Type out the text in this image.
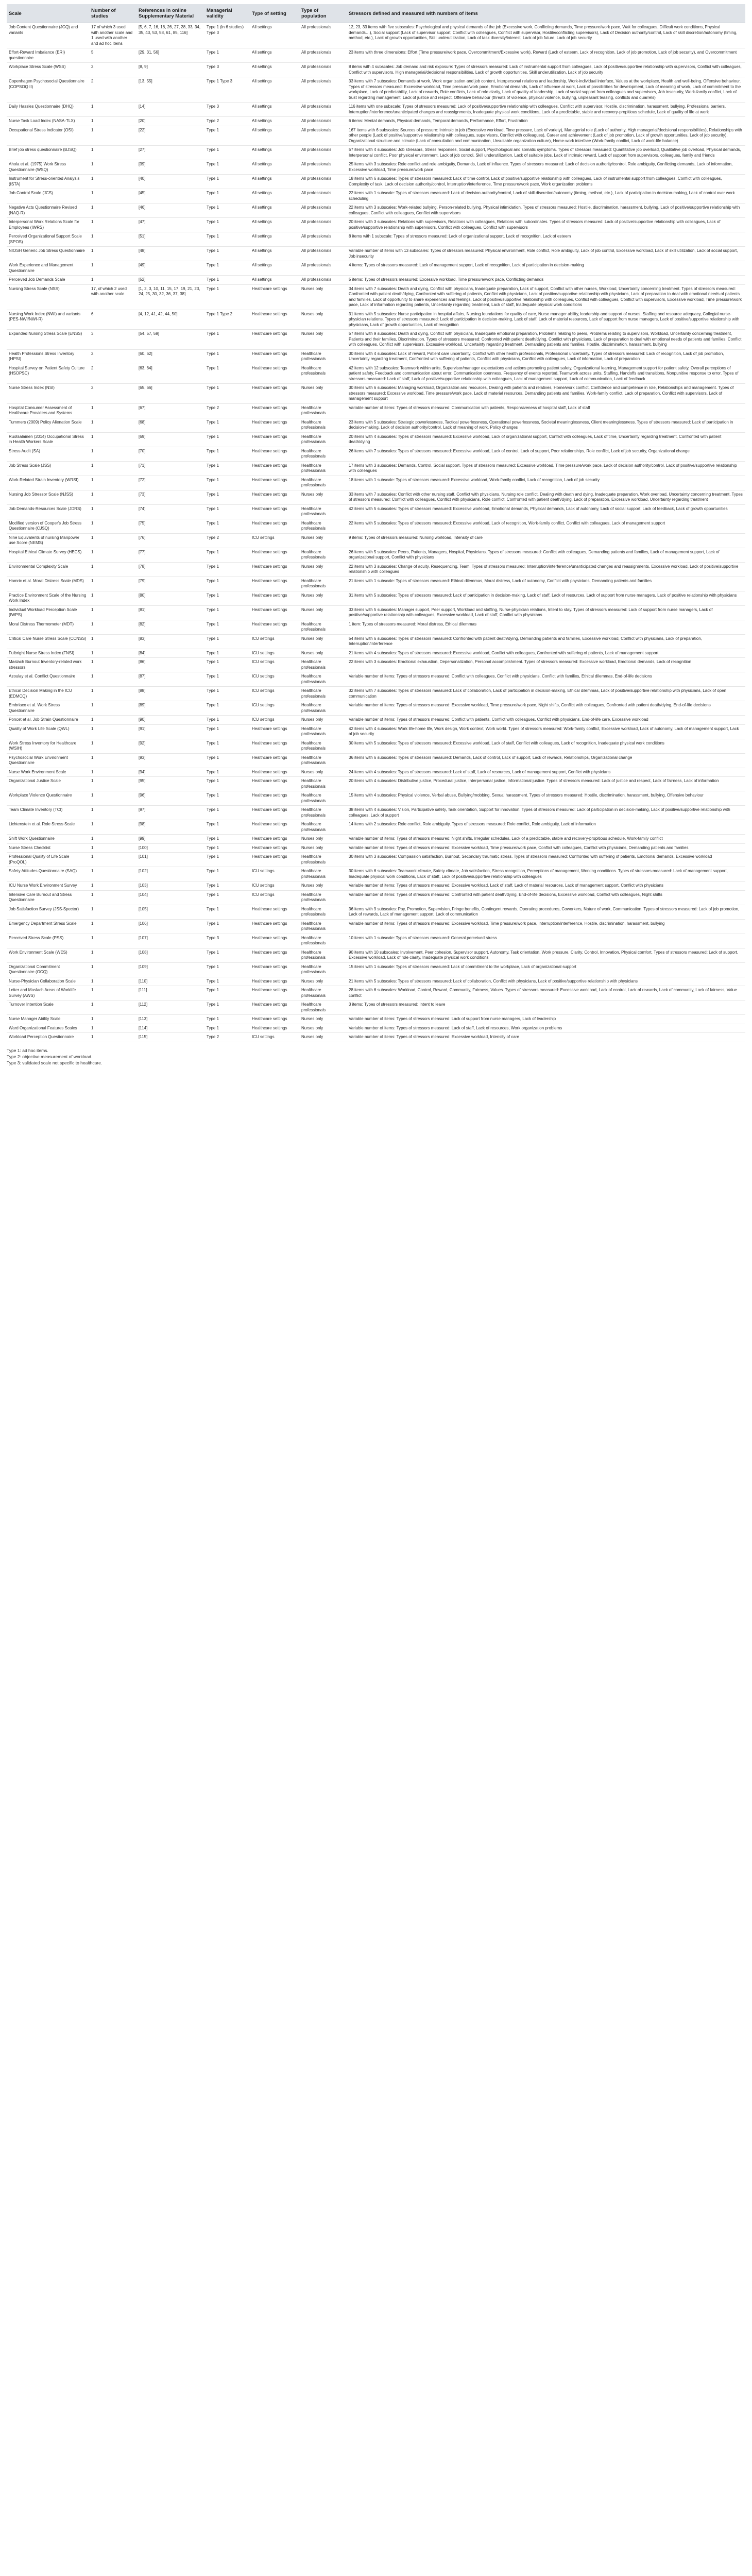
Scale	Number of studies	References in online Supplementary Material	Managerial validity	Type of setting	Type of population	Stressors defined and measured with numbers of items
Job Content Questionnaire (JCQ) and variants	17 of which 3 used with another scale and 1 used with another and ad hoc items	[5, 6, 7, 16, 18, 26, 27, 28, 33, 34, 35, 43, 53, 58, 61, 85, 116]	Type 1 (in 6 studies) Type 3	All settings	All professionals	12, 23, 33 items with five subscales: Psychological and physical demands of the job (Excessive work, Conflicting demands, Time pressure/work pace, Wait for colleagues, Difficult work conditions, Physical demands…), Social support (Lack of supervisor support, Conflict with colleagues, Conflict with supervisor, Hostile/conflicting supervisors), Lack of Decision authority/control, Lack of skill discretion/autonomy (timing, method, etc.), Lack of growth opportunities, Skill underutilization, Lack of task diversity/interest, Lack of job future, Lack of job security
Effort-Reward Imbalance (ERI) questionnaire	5	[29, 31, 56]	Type 1	All settings	All professionals	23 items with three dimensions: Effort (Time pressure/work pace, Overcommitment/Excessive work), Reward (Lack of esteem, Lack of recognition, Lack of job promotion, Lack of job security), and Overcommitment
Workplace Stress Scale (WSS)	2	[8, 9]	Type 3	All settings	All professionals	8 items with 4 subscales: Job demand and risk exposure: Types of stressors measured: Lack of instrumental support from colleagues, Lack of positive/supportive relationship with supervisors, Conflict with colleagues, Conflict with supervisors, High managerial/decisional responsibilities, Lack of growth opportunities, Skill underutilization, Lack of job security
Copenhagen Psychosocial Questionnaire (COPSOQ II)	2	[13, 55]	Type 1 Type 3	All settings	All professionals	33 items with 7 subscales: Demands at work, Work organization and job content, Interpersonal relations and leadership, Work-individual interface, Values at the workplace, Health and well-being, Offensive behaviour. Types of stressors measured: Excessive workload, Time pressure/work pace, Emotional demands, Lack of influence at work, Lack of possibilities for development, Lack of meaning of work, Lack of commitment to the workplace, Lack of predictability, Lack of rewards, Role conflicts, Lack of role clarity, Lack of quality of leadership, Lack of social support from colleagues and supervisors, Job insecurity, Work-family conflict, Lack of trust regarding management, Lack of justice and respect, Offensive behaviour (threats of violence, physical violence, bullying, unpleasant teasing, conflicts and quarrels)
Daily Hassles Questionnaire (DHQ)	1	[14]	Type 3	All settings	All professionals	116 items with one subscale: Types of stressors measured: Lack of positive/supportive relationship with colleagues, Conflict with supervisor, Hostile, discrimination, harassment, bullying, Professional barriers, Interruption/interference/unanticipated changes and reassignments, Inadequate physical work conditions, Lack of a predictable, stable and recovery-propitious schedule, Lack of quality of life at work
Nurse Task Load Index (NASA-TLX)	1	[20]	Type 2	All settings	All professionals	6 items: Mental demands, Physical demands, Temporal demands, Performance, Effort, Frustration
Occupational Stress Indicator (OSI)	1	[22]	Type 1	All settings	All professionals	167 items with 6 subscales: Sources of pressure: Intrinsic to job (Excessive workload, Time pressure, Lack of variety), Managerial role (Lack of authority, High managerial/decisional responsibilities), Relationships with other people (Lack of positive/supportive relationship with colleagues, supervisors, Conflict with colleagues), Career and achievement (Lack of job promotion, Lack of growth opportunities, Lack of job security), Organizational structure and climate (Lack of consultation and communication, Unsuitable organization culture), Home-work interface (Work-family conflict, Lack of work-life balance)
Brief job stress questionnaire (BJSQ)	1	[27]	Type 1	All settings	All professionals	57 items with 4 subscales: Job stressors, Stress responses, Social support, Psychological and somatic symptoms. Types of stressors measured: Quantitative job overload, Qualitative job overload, Physical demands, Interpersonal conflict, Poor physical environment, Lack of job control, Skill underutilization, Lack of suitable jobs, Lack of intrinsic reward, Lack of support from supervisors, colleagues, family and friends
Ahola et al. (1975) Work Stress Questionnaire (WSQ)	1	[39]	Type 1	All settings	All professionals	25 items with 3 subscales: Role conflict and role ambiguity, Demands, Lack of influence. Types of stressors measured: Lack of decision authority/control, Role ambiguity, Conflicting demands, Lack of information, Excessive workload, Time pressure/work pace
Instrument for Stress-oriented Analysis (ISTA)	1	[40]	Type 1	All settings	All professionals	18 items with 6 subscales: Types of stressors measured: Lack of time control, Lack of positive/supportive relationship with colleagues, Lack of instrumental support from colleagues, Conflict with colleagues, Complexity of task, Lack of decision authority/control, Interruption/interference, Time pressure/work pace, Work organization problems
Job Control Scale (JCS)	1	[45]	Type 1	All settings	All professionals	22 items with 1 subscale: Types of stressors measured: Lack of decision authority/control, Lack of skill discretion/autonomy (timing, method, etc.), Lack of participation in decision-making, Lack of control over work scheduling
Negative Acts Questionnaire Revised (NAQ-R)	1	[46]	Type 1	All settings	All professionals	22 items with 3 subscales: Work-related bullying, Person-related bullying, Physical intimidation. Types of stressors measured: Hostile, discrimination, harassment, bullying, Lack of positive/supportive relationship with colleagues, Conflict with colleagues, Conflict with supervisors
Interpersonal Work Relations Scale for Employees (IWRS)	1	[47]	Type 1	All settings	All professionals	20 items with 3 subscales: Relations with supervisors, Relations with colleagues, Relations with subordinates. Types of stressors measured: Lack of positive/supportive relationship with colleagues, Lack of positive/supportive relationship with supervisors, Conflict with colleagues, Conflict with supervisors
Perceived Organizational Support Scale (SPOS)	1	[51]	Type 1	All settings	All professionals	8 items with 1 subscale: Types of stressors measured: Lack of organizational support, Lack of recognition, Lack of esteem
NIOSH Generic Job Stress Questionnaire	1	[48]	Type 1	All settings	All professionals	Variable number of items with 13 subscales: Types of stressors measured: Physical environment, Role conflict, Role ambiguity, Lack of job control, Excessive workload, Lack of skill utilization, Lack of social support, Job insecurity
Work Experience and Management Questionnaire	1	[49]	Type 1	All settings	All professionals	4 items: Types of stressors measured: Lack of management support, Lack of recognition, Lack of participation in decision-making
Perceived Job Demands Scale	1	[52]	Type 1	All settings	All professionals	5 items: Types of stressors measured: Excessive workload, Time pressure/work pace, Conflicting demands
Nursing Stress Scale (NSS)	17, of which 2 used with another scale	[1, 2, 3, 10, 11, 15, 17, 19, 21, 23, 24, 25, 30, 32, 36, 37, 38]	Type 1	Healthcare settings	Nurses only	34 items with 7 subscales: Death and dying, Conflict with physicians, Inadequate preparation, Lack of support, Conflict with other nurses, Workload, Uncertainty concerning treatment. Types of stressors measured: Confronted with patient death/dying, Confronted with suffering of patients, Conflict with physicians, Lack of positive/supportive relationship with physicians, Lack of preparation to deal with emotional needs of patients and families, Lack of opportunity to share experiences and feelings, Lack of positive/supportive relationship with colleagues, Conflict with colleagues, Conflict with supervisors, Excessive workload, Time pressure/work pace, Lack of information regarding patients, Uncertainty regarding treatment, Lack of staff, Inadequate physical work conditions
Nursing Work Index (NWI) and variants (PES-NWI/NWI-R)	6	[4, 12, 41, 42, 44, 50]	Type 1 Type 2	Healthcare settings	Nurses only	31 items with 5 subscales: Nurse participation in hospital affairs, Nursing foundations for quality of care, Nurse manager ability, leadership and support of nurses, Staffing and resource adequacy, Collegial nurse-physician relations. Types of stressors measured: Lack of participation in decision-making, Lack of staff, Lack of material resources, Lack of support from nurse managers, Lack of positive/supportive relationship with physicians, Lack of growth opportunities, Lack of recognition
Expanded Nursing Stress Scale (ENSS)	3	[54, 57, 59]	Type 1	Healthcare settings	Nurses only	57 items with 9 subscales: Death and dying, Conflict with physicians, Inadequate emotional preparation, Problems relating to peers, Problems relating to supervisors, Workload, Uncertainty concerning treatment, Patients and their families, Discrimination. Types of stressors measured: Confronted with patient death/dying, Conflict with physicians, Lack of preparation to deal with emotional needs of patients and families, Conflict with colleagues, Conflict with supervisors, Excessive workload, Uncertainty regarding treatment, Demanding patients and families, Hostile, discrimination, harassment, bullying
Health Professions Stress Inventory (HPSI)	2	[60, 62]	Type 1	Healthcare settings	Healthcare professionals	30 items with 4 subscales: Lack of reward, Patient care uncertainty, Conflict with other health professionals, Professional uncertainty. Types of stressors measured: Lack of recognition, Lack of job promotion, Uncertainty regarding treatment, Confronted with suffering of patients, Conflict with physicians, Conflict with colleagues, Lack of information, Lack of preparation
Hospital Survey on Patient Safety Culture (HSOPSC)	2	[63, 64]	Type 1	Healthcare settings	Healthcare professionals	42 items with 12 subscales: Teamwork within units, Supervisor/manager expectations and actions promoting patient safety, Organizational learning, Management support for patient safety, Overall perceptions of patient safety, Feedback and communication about error, Communication openness, Frequency of events reported, Teamwork across units, Staffing, Handoffs and transitions, Nonpunitive response to error. Types of stressors measured: Lack of staff, Lack of positive/supportive relationship with colleagues, Lack of management support, Lack of communication, Lack of feedback
Nurse Stress Index (NSI)	2	[65, 66]	Type 1	Healthcare settings	Nurses only	30 items with 6 subscales: Managing workload, Organization and resources, Dealing with patients and relatives, Home/work conflict, Confidence and competence in role, Relationships and management. Types of stressors measured: Excessive workload, Time pressure/work pace, Lack of material resources, Demanding patients and families, Work-family conflict, Lack of preparation, Conflict with supervisors, Lack of management support
Hospital Consumer Assessment of Healthcare Providers and Systems	1	[67]	Type 2	Healthcare settings	Healthcare professionals	Variable number of items: Types of stressors measured: Communication with patients, Responsiveness of hospital staff, Lack of staff
Tummers (2009) Policy Alienation Scale	1	[68]	Type 1	Healthcare settings	Healthcare professionals	23 items with 5 subscales: Strategic powerlessness, Tactical powerlessness, Operational powerlessness, Societal meaninglessness, Client meaninglessness. Types of stressors measured: Lack of participation in decision-making, Lack of decision authority/control, Lack of meaning of work, Policy changes
Ruotsalainen (2014) Occupational Stress in Health Workers Scale	1	[69]	Type 1	Healthcare settings	Healthcare professionals	20 items with 4 subscales: Types of stressors measured: Excessive workload, Lack of organizational support, Conflict with colleagues, Lack of time, Uncertainty regarding treatment, Confronted with patient death/dying
Stress Audit (SA)	1	[70]	Type 1	Healthcare settings	Healthcare professionals	26 items with 7 subscales: Types of stressors measured: Excessive workload, Lack of control, Lack of support, Poor relationships, Role conflict, Lack of job security, Organizational change
Job Stress Scale (JSS)	1	[71]	Type 1	Healthcare settings	Healthcare professionals	17 items with 3 subscales: Demands, Control, Social support. Types of stressors measured: Excessive workload, Time pressure/work pace, Lack of decision authority/control, Lack of positive/supportive relationship with colleagues
Work-Related Strain Inventory (WRSI)	1	[72]	Type 1	Healthcare settings	Healthcare professionals	18 items with 1 subscale: Types of stressors measured: Excessive workload, Work-family conflict, Lack of recognition, Lack of job security
Nursing Job Stressor Scale (NJSS)	1	[73]	Type 1	Healthcare settings	Nurses only	33 items with 7 subscales: Conflict with other nursing staff, Conflict with physicians, Nursing role conflict, Dealing with death and dying, Inadequate preparation, Work overload, Uncertainty concerning treatment. Types of stressors measured: Conflict with colleagues, Conflict with physicians, Role conflict, Confronted with patient death/dying, Lack of preparation, Excessive workload, Uncertainty regarding treatment
Job Demands-Resources Scale (JDRS)	1	[74]	Type 1	Healthcare settings	Healthcare professionals	42 items with 5 subscales: Types of stressors measured: Excessive workload, Emotional demands, Physical demands, Lack of autonomy, Lack of social support, Lack of feedback, Lack of growth opportunities
Modified version of Cooper's Job Stress Questionnaire (CJSQ)	1	[75]	Type 1	Healthcare settings	Healthcare professionals	22 items with 5 subscales: Types of stressors measured: Excessive workload, Lack of recognition, Work-family conflict, Conflict with colleagues, Lack of management support
Nine Equivalents of nursing Manpower use Score (NEMS)	1	[76]	Type 2	ICU settings	Nurses only	9 items: Types of stressors measured: Nursing workload, Intensity of care
Hospital Ethical Climate Survey (HECS)	1	[77]	Type 1	Healthcare settings	Healthcare professionals	26 items with 5 subscales: Peers, Patients, Managers, Hospital, Physicians. Types of stressors measured: Conflict with colleagues, Demanding patients and families, Lack of management support, Lack of organizational support, Conflict with physicians
Environmental Complexity Scale	1	[78]	Type 1	Healthcare settings	Nurses only	22 items with 3 subscales: Change of acuity, Resequencing, Team. Types of stressors measured: Interruption/interference/unanticipated changes and reassignments, Excessive workload, Lack of positive/supportive relationship with colleagues
Hamric et al. Moral Distress Scale (MDS)	1	[79]	Type 1	Healthcare settings	Healthcare professionals	21 items with 1 subscale: Types of stressors measured: Ethical dilemmas, Moral distress, Lack of autonomy, Conflict with physicians, Demanding patients and families
Practice Environment Scale of the Nursing Work Index	1	[80]	Type 1	Healthcare settings	Nurses only	31 items with 5 subscales: Types of stressors measured: Lack of participation in decision-making, Lack of staff, Lack of resources, Lack of support from nurse managers, Lack of positive relationship with physicians
Individual Workload Perception Scale (IWPS)	1	[81]	Type 1	Healthcare settings	Nurses only	33 items with 5 subscales: Manager support, Peer support, Workload and staffing, Nurse-physician relations, Intent to stay. Types of stressors measured: Lack of support from nurse managers, Lack of positive/supportive relationship with colleagues, Excessive workload, Lack of staff, Conflict with physicians
Moral Distress Thermometer (MDT)	1	[82]	Type 1	Healthcare settings	Healthcare professionals	1 item: Types of stressors measured: Moral distress, Ethical dilemmas
Critical Care Nurse Stress Scale (CCNSS)	1	[83]	Type 1	ICU settings	Nurses only	54 items with 6 subscales: Types of stressors measured: Confronted with patient death/dying, Demanding patients and families, Excessive workload, Conflict with physicians, Lack of preparation, Interruption/interference
Fulbright Nurse Stress Index (FNSI)	1	[84]	Type 1	ICU settings	Nurses only	21 items with 4 subscales: Types of stressors measured: Excessive workload, Conflict with colleagues, Confronted with suffering of patients, Lack of management support
Maslach Burnout Inventory-related work stressors	1	[86]	Type 1	ICU settings	Healthcare professionals	22 items with 3 subscales: Emotional exhaustion, Depersonalization, Personal accomplishment. Types of stressors measured: Excessive workload, Emotional demands, Lack of recognition
Azoulay et al. Conflict Questionnaire	1	[87]	Type 1	ICU settings	Healthcare professionals	Variable number of items: Types of stressors measured: Conflict with colleagues, Conflict with physicians, Conflict with families, Ethical dilemmas, End-of-life decisions
Ethical Decision Making in the ICU (EDMCQ)	1	[88]	Type 1	ICU settings	Healthcare professionals	32 items with 7 subscales: Types of stressors measured: Lack of collaboration, Lack of participation in decision-making, Ethical dilemmas, Lack of positive/supportive relationship with physicians, Lack of open communication
Embriaco et al. Work Stress Questionnaire	1	[89]	Type 1	ICU settings	Healthcare professionals	Variable number of items: Types of stressors measured: Excessive workload, Time pressure/work pace, Night shifts, Conflict with colleagues, Confronted with patient death/dying, End-of-life decisions
Poncet et al. Job Strain Questionnaire	1	[90]	Type 1	ICU settings	Nurses only	Variable number of items: Types of stressors measured: Conflict with patients, Conflict with colleagues, Conflict with physicians, End-of-life care, Excessive workload
Quality of Work Life Scale (QWL)	1	[91]	Type 1	Healthcare settings	Healthcare professionals	42 items with 4 subscales: Work life-home life, Work design, Work context, Work world. Types of stressors measured: Work-family conflict, Excessive workload, Lack of autonomy, Lack of management support, Lack of job security
Work Stress Inventory for Healthcare (WSIH)	1	[92]	Type 1	Healthcare settings	Healthcare professionals	30 items with 5 subscales: Types of stressors measured: Excessive workload, Lack of staff, Conflict with colleagues, Lack of recognition, Inadequate physical work conditions
Psychosocial Work Environment Questionnaire	1	[93]	Type 1	Healthcare settings	Healthcare professionals	36 items with 6 subscales: Types of stressors measured: Demands, Lack of control, Lack of support, Lack of rewards, Relationships, Organizational change
Nurse Work Environment Scale	1	[94]	Type 1	Healthcare settings	Nurses only	24 items with 4 subscales: Types of stressors measured: Lack of staff, Lack of resources, Lack of management support, Conflict with physicians
Organizational Justice Scale	1	[95]	Type 1	Healthcare settings	Healthcare professionals	20 items with 4 subscales: Distributive justice, Procedural justice, Interpersonal justice, Informational justice. Types of stressors measured: Lack of justice and respect, Lack of fairness, Lack of information
Workplace Violence Questionnaire	1	[96]	Type 1	Healthcare settings	Healthcare professionals	15 items with 4 subscales: Physical violence, Verbal abuse, Bullying/mobbing, Sexual harassment. Types of stressors measured: Hostile, discrimination, harassment, bullying, Offensive behaviour
Team Climate Inventory (TCI)	1	[97]	Type 1	Healthcare settings	Healthcare professionals	38 items with 4 subscales: Vision, Participative safety, Task orientation, Support for innovation. Types of stressors measured: Lack of participation in decision-making, Lack of positive/supportive relationship with colleagues, Lack of support
Lichtenstein et al. Role Stress Scale	1	[98]	Type 1	Healthcare settings	Healthcare professionals	14 items with 2 subscales: Role conflict, Role ambiguity. Types of stressors measured: Role conflict, Role ambiguity, Lack of information
Shift Work Questionnaire	1	[99]	Type 1	Healthcare settings	Nurses only	Variable number of items: Types of stressors measured: Night shifts, Irregular schedules, Lack of a predictable, stable and recovery-propitious schedule, Work-family conflict
Nurse Stress Checklist	1	[100]	Type 1	Healthcare settings	Nurses only	Variable number of items: Types of stressors measured: Excessive workload, Time pressure/work pace, Conflict with colleagues, Conflict with physicians, Demanding patients and families
Professional Quality of Life Scale (ProQOL)	1	[101]	Type 1	Healthcare settings	Healthcare professionals	30 items with 3 subscales: Compassion satisfaction, Burnout, Secondary traumatic stress. Types of stressors measured: Confronted with suffering of patients, Emotional demands, Excessive workload
Safety Attitudes Questionnaire (SAQ)	1	[102]	Type 1	ICU settings	Healthcare professionals	30 items with 6 subscales: Teamwork climate, Safety climate, Job satisfaction, Stress recognition, Perceptions of management, Working conditions. Types of stressors measured: Lack of management support, Inadequate physical work conditions, Lack of staff, Lack of positive/supportive relationship with colleagues
ICU Nurse Work Environment Survey	1	[103]	Type 1	ICU settings	Nurses only	Variable number of items: Types of stressors measured: Excessive workload, Lack of staff, Lack of material resources, Lack of management support, Conflict with physicians
Intensive Care Burnout and Stress Questionnaire	1	[104]	Type 1	ICU settings	Healthcare professionals	Variable number of items: Types of stressors measured: Confronted with patient death/dying, End-of-life decisions, Excessive workload, Conflict with colleagues, Night shifts
Job Satisfaction Survey (JSS-Spector)	1	[105]	Type 1	Healthcare settings	Healthcare professionals	36 items with 9 subscales: Pay, Promotion, Supervision, Fringe benefits, Contingent rewards, Operating procedures, Coworkers, Nature of work, Communication. Types of stressors measured: Lack of job promotion, Lack of rewards, Lack of management support, Lack of communication
Emergency Department Stress Scale	1	[106]	Type 1	Healthcare settings	Healthcare professionals	Variable number of items: Types of stressors measured: Excessive workload, Time pressure/work pace, Interruption/interference, Hostile, discrimination, harassment, bullying
Perceived Stress Scale (PSS)	1	[107]	Type 3	Healthcare settings	Healthcare professionals	10 items with 1 subscale: Types of stressors measured: General perceived stress
Work Environment Scale (WES)	1	[108]	Type 1	Healthcare settings	Healthcare professionals	90 items with 10 subscales: Involvement, Peer cohesion, Supervisor support, Autonomy, Task orientation, Work pressure, Clarity, Control, Innovation, Physical comfort. Types of stressors measured: Lack of support, Excessive workload, Lack of role clarity, Inadequate physical work conditions
Organizational Commitment Questionnaire (OCQ)	1	[109]	Type 1	Healthcare settings	Healthcare professionals	15 items with 1 subscale: Types of stressors measured: Lack of commitment to the workplace, Lack of organizational support
Nurse-Physician Collaboration Scale	1	[110]	Type 1	Healthcare settings	Nurses only	21 items with 5 subscales: Types of stressors measured: Lack of collaboration, Conflict with physicians, Lack of positive/supportive relationship with physicians
Leiter and Maslach Areas of Worklife Survey (AWS)	1	[111]	Type 1	Healthcare settings	Healthcare professionals	28 items with 6 subscales: Workload, Control, Reward, Community, Fairness, Values. Types of stressors measured: Excessive workload, Lack of control, Lack of rewards, Lack of community, Lack of fairness, Value conflict
Turnover Intention Scale	1	[112]	Type 1	Healthcare settings	Healthcare professionals	3 items: Types of stressors measured: Intent to leave
Nurse Manager Ability Scale	1	[113]	Type 1	Healthcare settings	Nurses only	Variable number of items: Types of stressors measured: Lack of support from nurse managers, Lack of leadership
Ward Organizational Features Scales	1	[114]	Type 1	Healthcare settings	Nurses only	Variable number of items: Types of stressors measured: Lack of staff, Lack of resources, Work organization problems
Workload Perception Questionnaire	1	[115]	Type 2	ICU settings	Nurses only	Variable number of items: Types of stressors measured: Excessive workload, Intensity of care
Type 1: ad hoc items.
Type 2: objective measurement of workload.
Type 3: validated scale not specific to healthcare.
